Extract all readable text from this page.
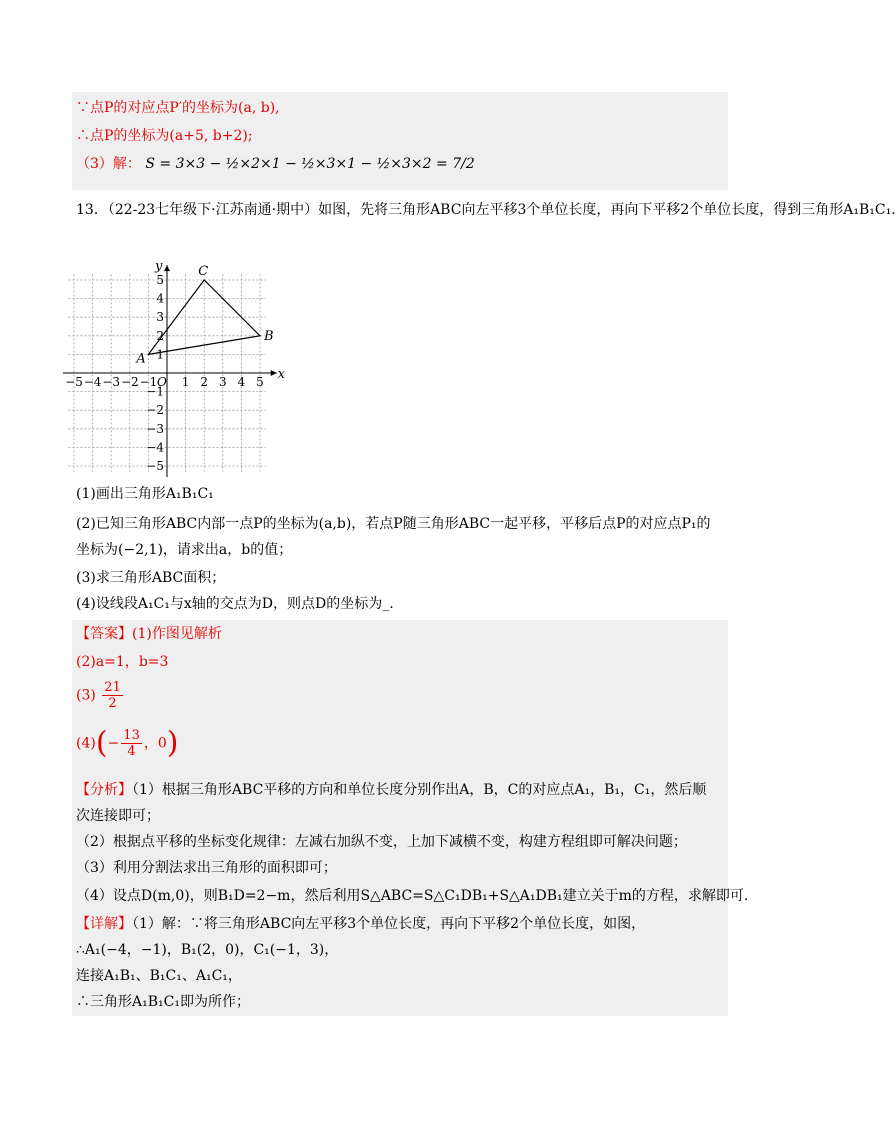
∵点P的对应点P′的坐标为(a, b),
∴点P的坐标为(a+5, b+2);
（3）解： S = 3×3 − ½×2×1 − ½×3×1 − ½×3×2 = 7/2
13．（22-23七年级下·江苏南通·期中）如图，先将三角形ABC向左平移3个单位长度，再向下平移2个单位长度，得到三角形A₁B₁C₁.
x
y
O
−5 −4 −3 −2 −1 1 2 3 4 5
5
4
3
2
1
−1
−2
−3
−4
−5
A
B
C
(1)画出三角形A₁B₁C₁
(2)已知三角形ABC内部一点P的坐标为(a,b)，若点P随三角形ABC一起平移，平移后点P的对应点P₁的
坐标为(−2,1)，请求出a，b的值；
(3)求三角形ABC面积；
(4)设线段A₁C₁与x轴的交点为D，则点D的坐标为_.
【答案】(1)作图见解析
(2)a=1，b=3
$(3) \frac{21}{2}$
$(4)(- \frac{13}{4}$ ，0)
【分析】（1）根据三角形ABC平移的方向和单位长度分别作出A，B，C的对应点A₁，B₁，C₁，然后顺
次连接即可；
（2）根据点平移的坐标变化规律：左减右加纵不变，上加下减横不变，构建方程组即可解决问题；
（3）利用分割法求出三角形的面积即可；
（4）设点D(m,0)，则B₁D=2−m，然后利用S△ABC=S△C₁DB₁+S△A₁DB₁建立关于m的方程，求解即可.
【详解】（1）解：∵将三角形ABC向左平移3个单位长度，再向下平移2个单位长度，如图，
∴A₁(−4，−1)，B₁(2，0)，C₁(−1，3)，
连接A₁B₁、B₁C₁、A₁C₁，
∴三角形A₁B₁C₁即为所作；
